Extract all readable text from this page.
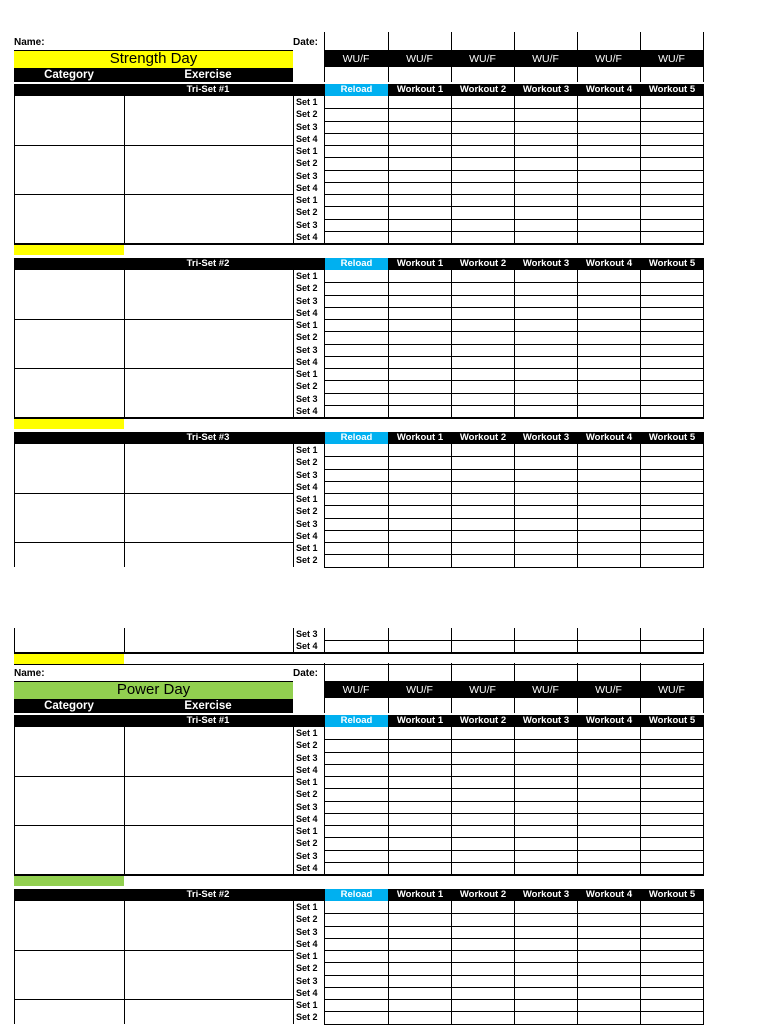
Name:	Date:
Strength Day	WU/F	WU/F	WU/F	WU/F	WU/F	WU/F
Category	Exercise
Tri-Set #1	Reload	Workout 1	Workout 2	Workout 3	Workout 4	Workout 5
Set 1
Set 2
Set 3
Set 4
Set 1
Set 2
Set 3
Set 4
Set 1
Set 2
Set 3
Set 4
Tri-Set #2	Reload	Workout 1	Workout 2	Workout 3	Workout 4	Workout 5
Set 1
Set 2
Set 3
Set 4
Set 1
Set 2
Set 3
Set 4
Set 1
Set 2
Set 3
Set 4
Tri-Set #3	Reload	Workout 1	Workout 2	Workout 3	Workout 4	Workout 5
Set 1
Set 2
Set 3
Set 4
Set 1
Set 2
Set 3
Set 4
Set 1
Set 2
Set 3
Set 4
Name:	Date:
Power Day	WU/F	WU/F	WU/F	WU/F	WU/F	WU/F
Category	Exercise
Tri-Set #1	Reload	Workout 1	Workout 2	Workout 3	Workout 4	Workout 5
Set 1
Set 2
Set 3
Set 4
Set 1
Set 2
Set 3
Set 4
Set 1
Set 2
Set 3
Set 4
Tri-Set #2	Reload	Workout 1	Workout 2	Workout 3	Workout 4	Workout 5
Set 1
Set 2
Set 3
Set 4
Set 1
Set 2
Set 3
Set 4
Set 1
Set 2
